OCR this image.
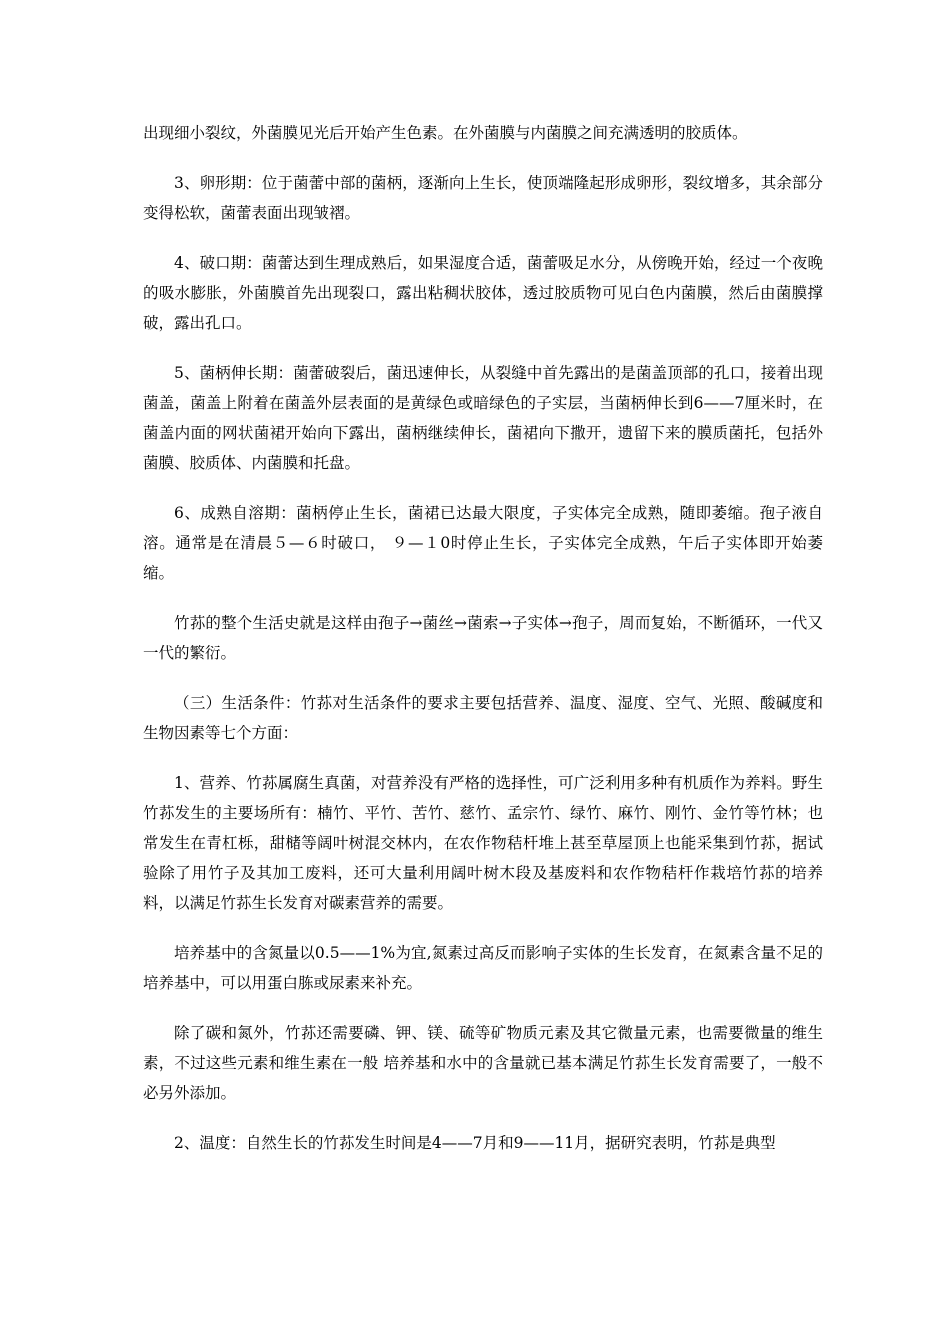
出现细小裂纹，外菌膜见光后开始产生色素。在外菌膜与内菌膜之间充满透明的胶质体。

3、卵形期：位于菌蕾中部的菌柄，逐渐向上生长，使顶端隆起形成卵形，裂纹增多，其余部分变得松软，菌蕾表面出现皱褶。

4、破口期：菌蕾达到生理成熟后，如果湿度合适，菌蕾吸足水分，从傍晚开始，经过一个夜晚的吸水膨胀，外菌膜首先出现裂口，露出粘稠状胶体，透过胶质物可见白色内菌膜，然后由菌膜撑破，露出孔口。

5、菌柄伸长期：菌蕾破裂后，菌迅速伸长，从裂缝中首先露出的是菌盖顶部的孔口，接着出现菌盖，菌盖上附着在菌盖外层表面的是黄绿色或暗绿色的子实层，当菌柄伸长到6——7厘米时，在菌盖内面的网状菌裙开始向下露出，菌柄继续伸长，菌裙向下撒开，遗留下来的膜质菌托，包括外菌膜、胶质体、内菌膜和托盘。

6、成熟自溶期：菌柄停止生长，菌裙已达最大限度，子实体完全成熟，随即萎缩。孢子液自溶。通常是在清晨５—６时破口， ９—１0时停止生长，子实体完全成熟，午后子实体即开始萎缩。

竹荪的整个生活史就是这样由孢子→菌丝→菌索→子实体→孢子，周而复始，不断循环，一代又一代的繁衍。

（三）生活条件：竹荪对生活条件的要求主要包括营养、温度、湿度、空气、光照、酸碱度和生物因素等七个方面：

1、营养、竹荪属腐生真菌，对营养没有严格的选择性，可广泛利用多种有机质作为养料。野生竹荪发生的主要场所有：楠竹、平竹、苦竹、慈竹、孟宗竹、绿竹、麻竹、刚竹、金竹等竹林；也常发生在青杠栎，甜槠等阔叶树混交林内，在农作物秸杆堆上甚至草屋顶上也能采集到竹荪，据试验除了用竹子及其加工废料，还可大量利用阔叶树木段及基废料和农作物秸杆作栽培竹荪的培养料，以满足竹荪生长发育对碳素营养的需要。

培养基中的含氮量以0.5——1%为宜,氮素过高反而影响子实体的生长发育，在氮素含量不足的培养基中，可以用蛋白胨或尿素来补充。

除了碳和氮外，竹荪还需要磷、钾、镁、硫等矿物质元素及其它微量元素，也需要微量的维生素，不过这些元素和维生素在一般 培养基和水中的含量就已基本满足竹荪生长发育需要了，一般不必另外添加。

2、温度：自然生长的竹荪发生时间是4——7月和9——11月，据研究表明，竹荪是典型
